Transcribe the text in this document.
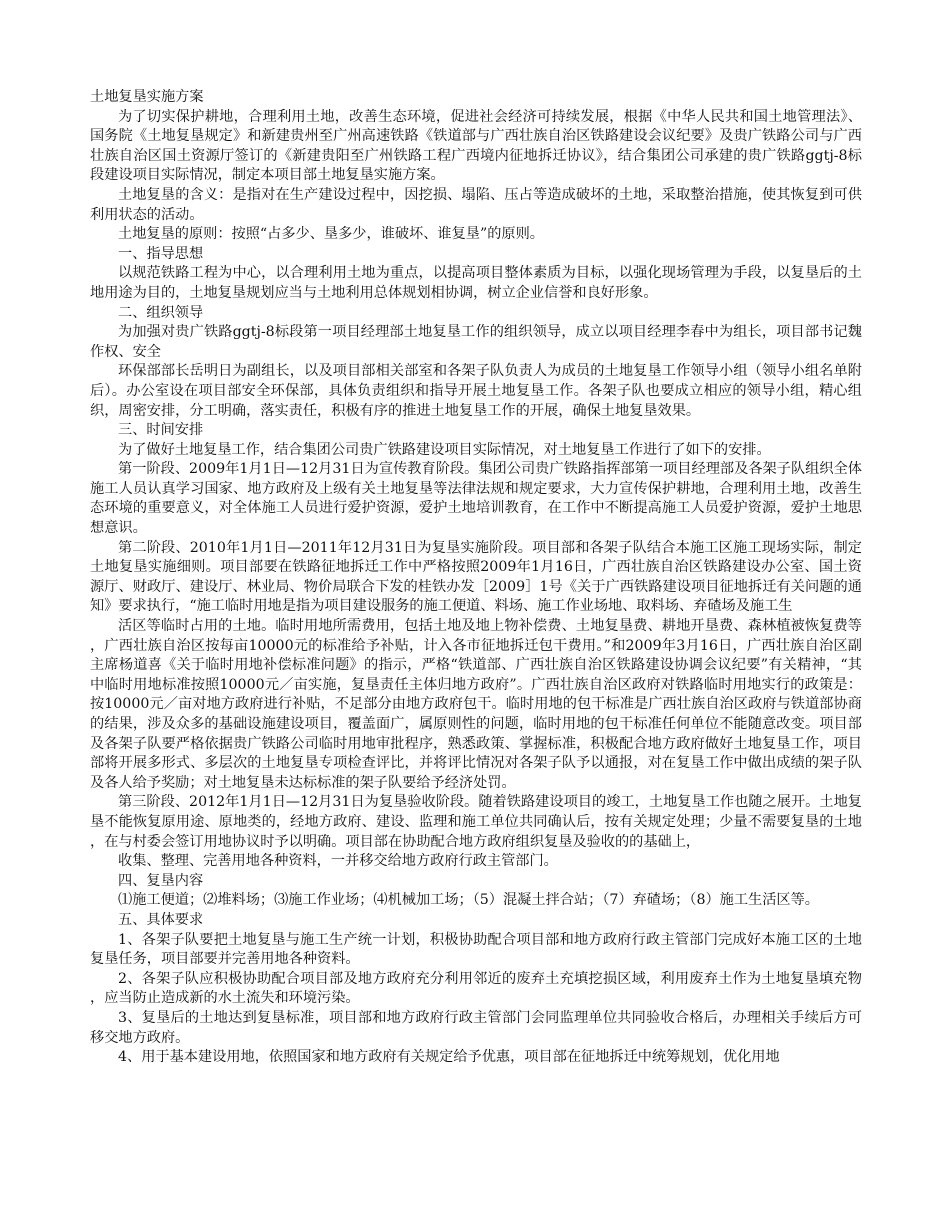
土地复垦实施方案

为了切实保护耕地，合理利用土地，改善生态环境，促进社会经济可持续发展，根据《中华人民共和国土地管理法》、国务院《土地复垦规定》和新建贵州至广州高速铁路《铁道部与广西壮族自治区铁路建设会议纪要》及贵广铁路公司与广西壮族自治区国土资源厅签订的《新建贵阳至广州铁路工程广西境内征地拆迁协议》，结合集团公司承建的贵广铁路ggtj-8标段建设项目实际情况，制定本项目部土地复垦实施方案。

土地复垦的含义：是指对在生产建设过程中，因挖损、塌陷、压占等造成破坏的土地，采取整治措施，使其恢复到可供利用状态的活动。

土地复垦的原则：按照“占多少、垦多少，谁破坏、谁复垦”的原则。

一、指导思想

以规范铁路工程为中心，以合理利用土地为重点，以提高项目整体素质为目标，以强化现场管理为手段，以复垦后的土地用途为目的，土地复垦规划应当与土地利用总体规划相协调，树立企业信誉和良好形象。

二、组织领导

为加强对贵广铁路ggtj-8标段第一项目经理部土地复垦工作的组织领导，成立以项目经理李春中为组长，项目部书记魏作权、安全

环保部部长岳明日为副组长，以及项目部相关部室和各架子队负责人为成员的土地复垦工作领导小组（领导小组名单附后）。办公室设在项目部安全环保部，具体负责组织和指导开展土地复垦工作。各架子队也要成立相应的领导小组，精心组织，周密安排，分工明确，落实责任，积极有序的推进土地复垦工作的开展，确保土地复垦效果。

三、时间安排

为了做好土地复垦工作，结合集团公司贵广铁路建设项目实际情况，对土地复垦工作进行了如下的安排。

第一阶段、2009年1月1日—12月31日为宣传教育阶段。集团公司贵广铁路指挥部第一项目经理部及各架子队组织全体施工人员认真学习国家、地方政府及上级有关土地复垦等法律法规和规定要求，大力宣传保护耕地，合理利用土地，改善生态环境的重要意义，对全体施工人员进行爱护资源，爱护土地培训教育，在工作中不断提高施工人员爱护资源，爱护土地思想意识。

第二阶段、2010年1月1日—2011年12月31日为复垦实施阶段。项目部和各架子队结合本施工区施工现场实际，制定土地复垦实施细则。项目部要在铁路征地拆迁工作中严格按照2009年1月16日，广西壮族自治区铁路建设办公室、国土资源厅、财政厅、建设厅、林业局、物价局联合下发的桂铁办发［2009］1号《关于广西铁路建设项目征地拆迁有关问题的通知》要求执行，“施工临时用地是指为项目建设服务的施工便道、料场、施工作业场地、取料场、弃碴场及施工生

活区等临时占用的土地。临时用地所需费用，包括土地及地上物补偿费、土地复垦费、耕地开垦费、森林植被恢复费等，广西壮族自治区按每亩10000元的标准给予补贴，计入各市征地拆迁包干费用。”和2009年3月16日，广西壮族自治区副主席杨道喜《关于临时用地补偿标准问题》的指示，严格“铁道部、广西壮族自治区铁路建设协调会议纪要”有关精神，“其中临时用地标准按照10000元／亩实施，复垦责任主体归地方政府”。广西壮族自治区政府对铁路临时用地实行的政策是：按10000元／亩对地方政府进行补贴，不足部分由地方政府包干。临时用地的包干标准是广西壮族自治区政府与铁道部协商的结果，涉及众多的基础设施建设项目，覆盖面广，属原则性的问题，临时用地的包干标准任何单位不能随意改变。项目部及各架子队要严格依据贵广铁路公司临时用地审批程序，熟悉政策、掌握标准，积极配合地方政府做好土地复垦工作，项目部将开展多形式、多层次的土地复垦专项检查评比，并将评比情况对各架子队予以通报，对在复垦工作中做出成绩的架子队及各人给予奖励；对土地复垦未达标标准的架子队要给予经济处罚。

第三阶段、2012年1月1日—12月31日为复垦验收阶段。随着铁路建设项目的竣工，土地复垦工作也随之展开。土地复垦不能恢复原用途、原地类的，经地方政府、建设、监理和施工单位共同确认后，按有关规定处理；少量不需要复垦的土地，在与村委会签订用地协议时予以明确。项目部在协助配合地方政府组织复垦及验收的的基础上，

收集、整理、完善用地各种资料，一并移交给地方政府行政主管部门。

四、复垦内容

⑴施工便道；⑵堆料场；⑶施工作业场；⑷机械加工场；（5）混凝土拌合站；（7）弃碴场；（8）施工生活区等。

五、具体要求

1、各架子队要把土地复垦与施工生产统一计划，积极协助配合项目部和地方政府行政主管部门完成好本施工区的土地复垦任务，项目部要并完善用地各种资料。

2、各架子队应积极协助配合项目部及地方政府充分利用邻近的废弃土充填挖损区域，利用废弃土作为土地复垦填充物，应当防止造成新的水土流失和环境污染。

3、复垦后的土地达到复垦标准，项目部和地方政府行政主管部门会同监理单位共同验收合格后，办理相关手续后方可移交地方政府。

4、用于基本建设用地，依照国家和地方政府有关规定给予优惠，项目部在征地拆迁中统筹规划，优化用地
